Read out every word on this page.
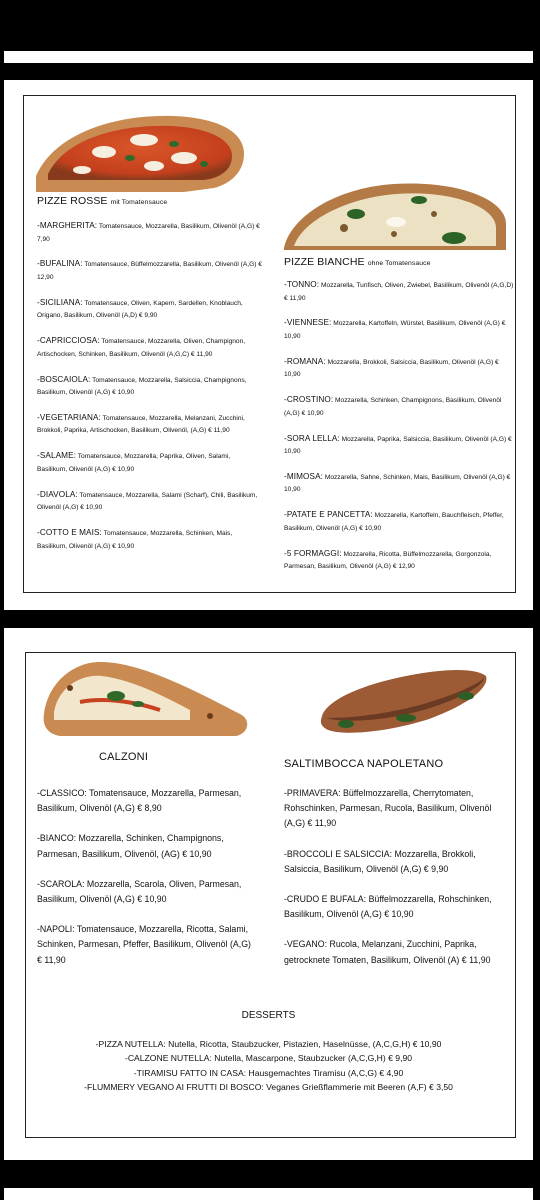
PIZZE ROSSE mit Tomatensauce
-MARGHERITA: Tomatensauce, Mozzarella, Basilikum, Olivenöl (A,G) € 7,90
-BUFALINA: Tomatensauce, Büffelmozzarella, Basilikum, Olivenöl (A,G) € 12,90
-SICILIANA: Tomatensauce, Oliven, Kapern, Sardellen, Knoblauch, Origano, Basilikum, Olivenöl (A,D) € 9,90
-CAPRICCIOSA: Tomatensauce, Mozzarella, Oliven, Champignon, Artischocken, Schinken, Basilikum, Olivenöl (A,G,C) € 11,90
-BOSCAIOLA: Tomatensauce, Mozzarella, Salsiccia, Champignons, Basilikum, Olivenöl (A,G) € 10,90
-VEGETARIANA: Tomatensauce, Mozzarella, Melanzani, Zucchini, Brokkoli, Paprika, Artischocken, Basilikum, Olivenöl, (A,G) € 11,90
-SALAME: Tomatensauce, Mozzarella, Paprika, Oliven, Salami, Basilikum, Olivenöl (A,G) € 10,90
-DIAVOLA: Tomatensauce, Mozzarella, Salami (Scharf), Chili, Basilikum, Olivenöl (A,G) € 10,90
-COTTO E MAIS: Tomatensauce, Mozzarella, Schinken, Mais, Basilikum, Olivenöl (A,G) € 10,90
PIZZE BIANCHE ohne Tomatensauce
-TONNO: Mozzarella, Tunfisch, Oliven, Zwiebel, Basilikum, Olivenöl (A,G,D) € 11,90
-VIENNESE: Mozzarella, Kartoffeln, Würstel, Basilikum, Olivenöl (A,G) € 10,90
-ROMANA: Mozzarella, Brokkoli, Salsiccia, Basilikum, Olivenöl (A,G) € 10,90
-CROSTINO: Mozzarella, Schinken, Champignons, Basilikum, Olivenöl (A,G) € 10,90
-SORA LELLA: Mozzarella, Paprika, Salsiccia, Basilikum, Olivenöl (A,G) € 10,90
-MIMOSA: Mozzarella, Sahne, Schinken, Mais, Basilikum, Olivenöl (A,G) € 10,90
-PATATE E PANCETTA: Mozzarella, Kartoffeln, Bauchfleisch, Pfeffer, Basilikum, Olivenöl (A,G) € 10,90
-5 FORMAGGI: Mozzarella, Ricotta, Büffelmozzarella, Gorgonzola, Parmesan, Basilikum, Olivenöl (A,G) € 12,90
CALZONI
SALTIMBOCCA NAPOLETANO
-CLASSICO: Tomatensauce, Mozzarella, Parmesan, Basilikum, Olivenöl (A,G) € 8,90
-BIANCO: Mozzarella, Schinken, Champignons, Parmesan, Basilikum, Olivenöl, (AG) € 10,90
-SCAROLA: Mozzarella, Scarola, Oliven, Parmesan, Basilikum, Olivenöl (A,G) € 10,90
-NAPOLI: Tomatensauce, Mozzarella, Ricotta, Salami, Schinken, Parmesan, Pfeffer, Basilikum, Olivenöl (A,G) € 11,90
-PRIMAVERA: Büffelmozzarella, Cherrytomaten, Rohschinken, Parmesan, Rucola, Basilikum, Olivenöl (A,G) € 11,90
-BROCCOLI E SALSICCIA: Mozzarella, Brokkoli, Salsiccia, Basilikum, Olivenöl (A,G) € 9,90
-CRUDO E BUFALA: Büffelmozzarella, Rohschinken, Basilikum, Olivenöl (A,G) € 10,90
-VEGANO: Rucola, Melanzani, Zucchini, Paprika, getrocknete Tomaten, Basilikum, Olivenöl (A) € 11,90
DESSERTS
-PIZZA NUTELLA: Nutella, Ricotta, Staubzucker, Pistazien, Haselnüsse, (A,C,G,H) € 10,90
-CALZONE NUTELLA: Nutella, Mascarpone, Staubzucker (A,C,G,H) € 9,90
-TIRAMISU FATTO IN CASA: Hausgemachtes Tiramisu (A,C,G) € 4,90
-FLUMMERY VEGANO AI FRUTTI DI BOSCO: Veganes Grießflammerie mit Beeren (A,F) € 3,50
